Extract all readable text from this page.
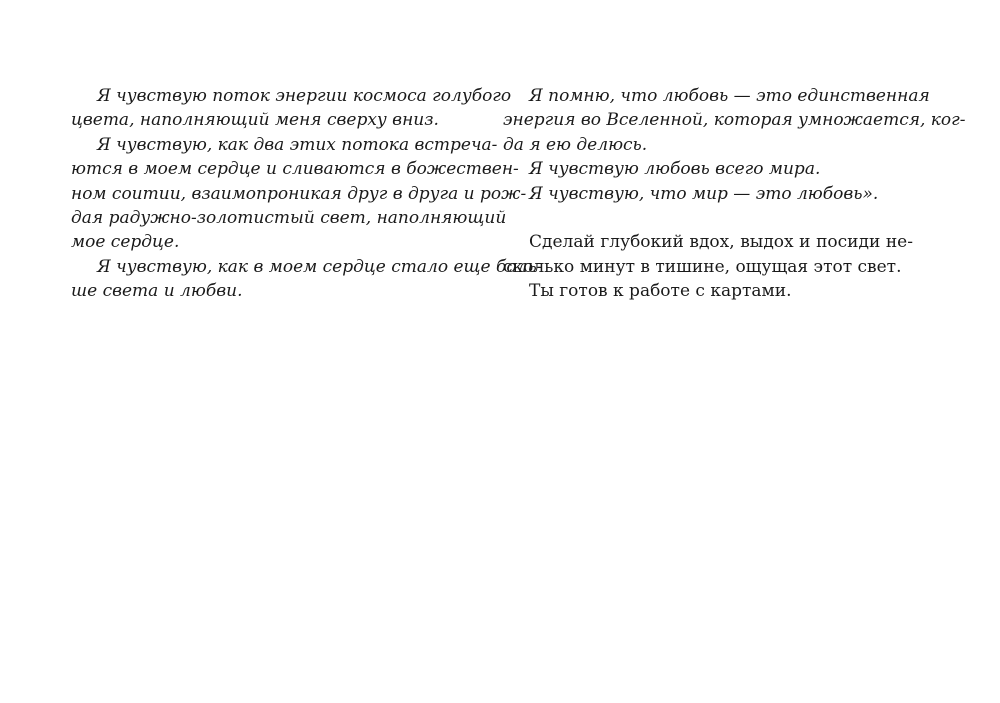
Я чувствую поток энергии космоса голубого
цвета, наполняющий меня сверху вниз.
Я чувствую, как два этих потока встреча-
ются в моем сердце и сливаются в божествен-
ном соитии, взаимопроникая друг в друга и рож-
дая радужно-золотистый свет, наполняющий
мое сердце.
Я чувствую, как в моем сердце стало еще боль-
ше света и любви.
Я помню, что любовь — это единственная
энергия во Вселенной, которая умножается, ког-
да я ею делюсь.
Я чувствую любовь всего мира.
Я чувствую, что мир — это любовь».
Сделай глубокий вдох, выдох и посиди не-
сколько минут в тишине, ощущая этот свет.
Ты готов к работе с картами.
